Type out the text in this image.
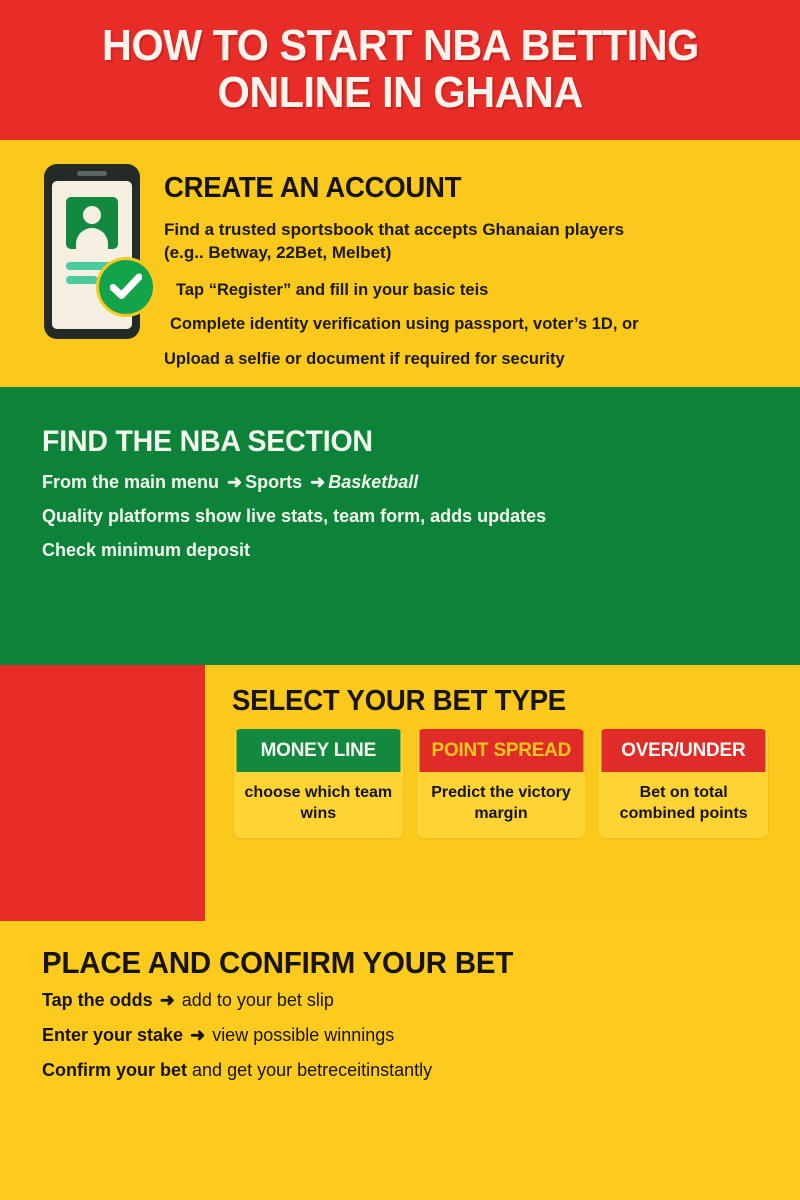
HOW TO START NBA BETTING
ONLINE IN GHANA
CREATE AN ACCOUNT
Find a trusted sportsbook that accepts Ghanaian players (e.g.. Betway, 22Bet, Melbet)
Tap “Register” and fill in your basic teis
Complete identity verification using passport, voter’s 1D, or
Upload a selfie or document if required for security
FIND THE NBA SECTION
From the main menu ➜ Sports ➜ Basketball
Quality platforms show live stats, team form, adds updates
Check minimum deposit
SELECT YOUR BET TYPE
MONEY LINE
choose which team wins
POINT SPREAD
Predict the victory margin
OVER/UNDER
Bet on total combined points
PLACE AND CONFIRM YOUR BET
Tap the odds ➜ add to your bet slip
Enter your stake ➜ view possible winnings
Confirm your bet and get your betreceitinstantly
